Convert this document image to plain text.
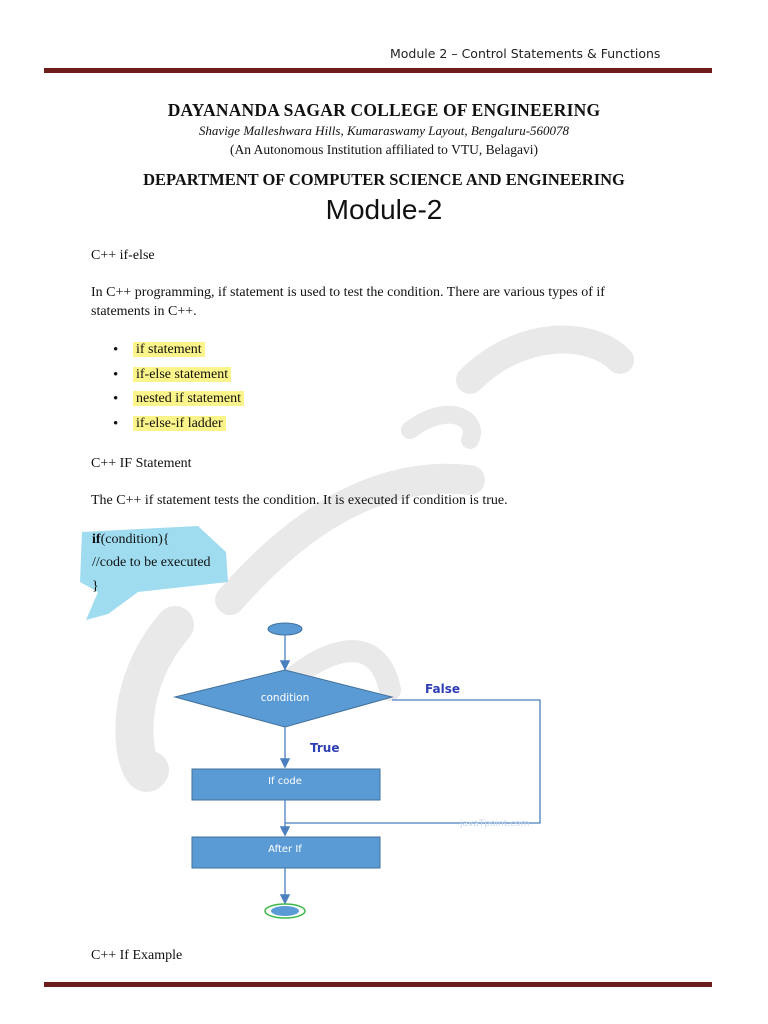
Module 2 – Control Statements & Functions
DAYANANDA SAGAR COLLEGE OF ENGINEERING
Shavige Malleshwara Hills, Kumaraswamy Layout, Bengaluru-560078
(An Autonomous Institution affiliated to VTU, Belagavi)
DEPARTMENT OF COMPUTER SCIENCE AND ENGINEERING
Module-2
C++ if-else
In C++ programming, if statement is used to test the condition. There are various types of if
statements in C++.
• if statement
• if-else statement
• nested if statement
• if-else-if ladder
C++ IF Statement
The C++ if statement tests the condition. It is executed if condition is true.
if(condition){
//code to be executed
}
condition
False
True
If code
javaTpoint.com
After If
C++ If Example
